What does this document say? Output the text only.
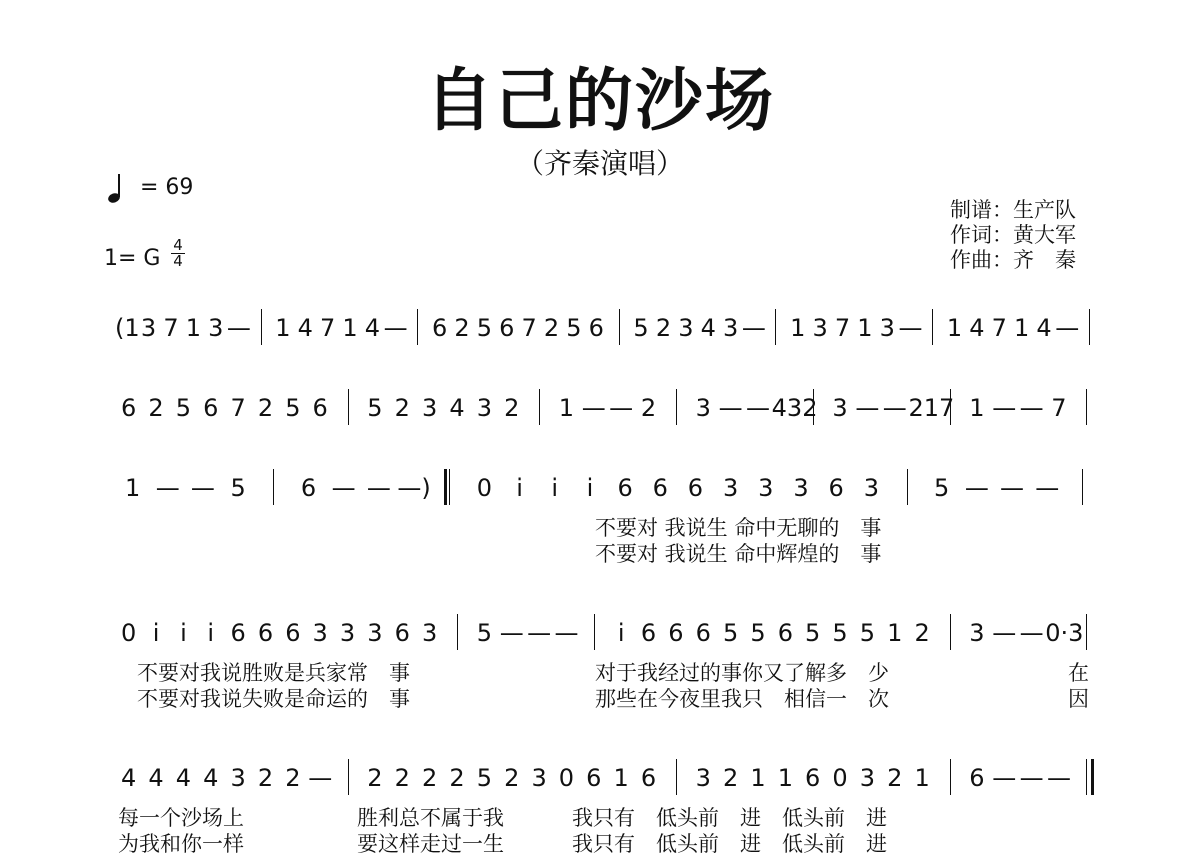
自己的沙场
（齐秦演唱）
= 69
1= G
4
4
制谱：生产队
作词：黄大军
作曲：齐　秦
(1 3 7 1 3 — 1 4 7 1 4 — 6 2 5 6 7 2 5 6 5 2 3 4 3 — 1 3 7 1 3 — 1 4 7 1 4 —
6 2 5 6 7 2 5 6 5 2 3 4 3 2 1 — — 2 3 — — 432 3 — — 217 1 — — 7
1 — — 5	6 — — —)	0	i	i	i	6 6 6 3 3 3 6 3	5 — — —
0 i i i 6 6 6 3 3 3 6 3 5 — — —	i 6 6 6 5 5 6 5 5 5 1 2 3 — — 0·3
4 4 4 4 3 2 2 — 2 2 2 2 5 2 3 0 6 1 6 3 2 1 1 6 0 3 2 1 6 — — —
不要对 我说生 命中无聊的　事
不要对 我说生 命中辉煌的　事
不要对我说胜败是兵家常　事
不要对我说失败是命运的　事
对于我经过的事你又了解多　少
那些在今夜里我只　相信一　次
在
因
每一个沙场上
为我和你一样
胜利总不属于我
要这样走过一生
我只有　低头前　进　低头前　进
我只有　低头前　进　低头前　进
